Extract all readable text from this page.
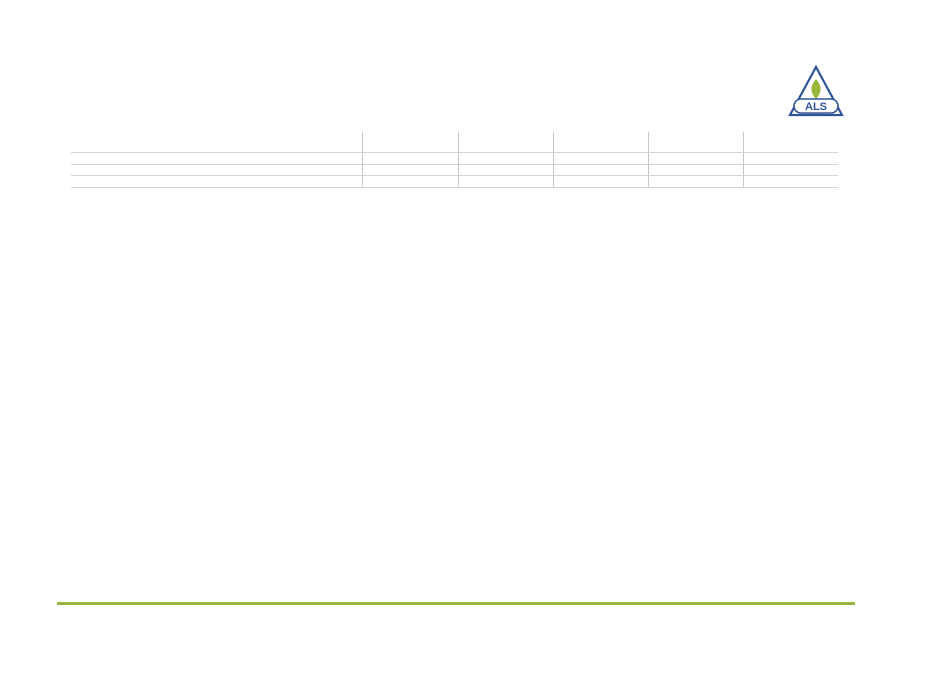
ALS
